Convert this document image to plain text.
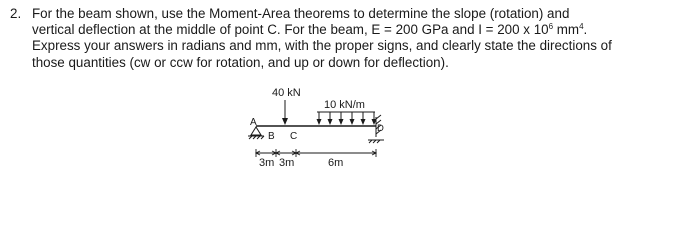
2. For the beam shown, use the Moment-Area theorems to determine the slope (rotation) and
vertical deflection at the middle of point C. For the beam, E = 200 GPa and I = 200 x $10^6$ $mm^4$.
Express your answers in radians and mm, with the proper signs, and clearly state the directions of
those quantities (cw or ccw for rotation, and up or down for deflection).
40 kN
10 kN/m
A
B C
D
3m 3m	6m
